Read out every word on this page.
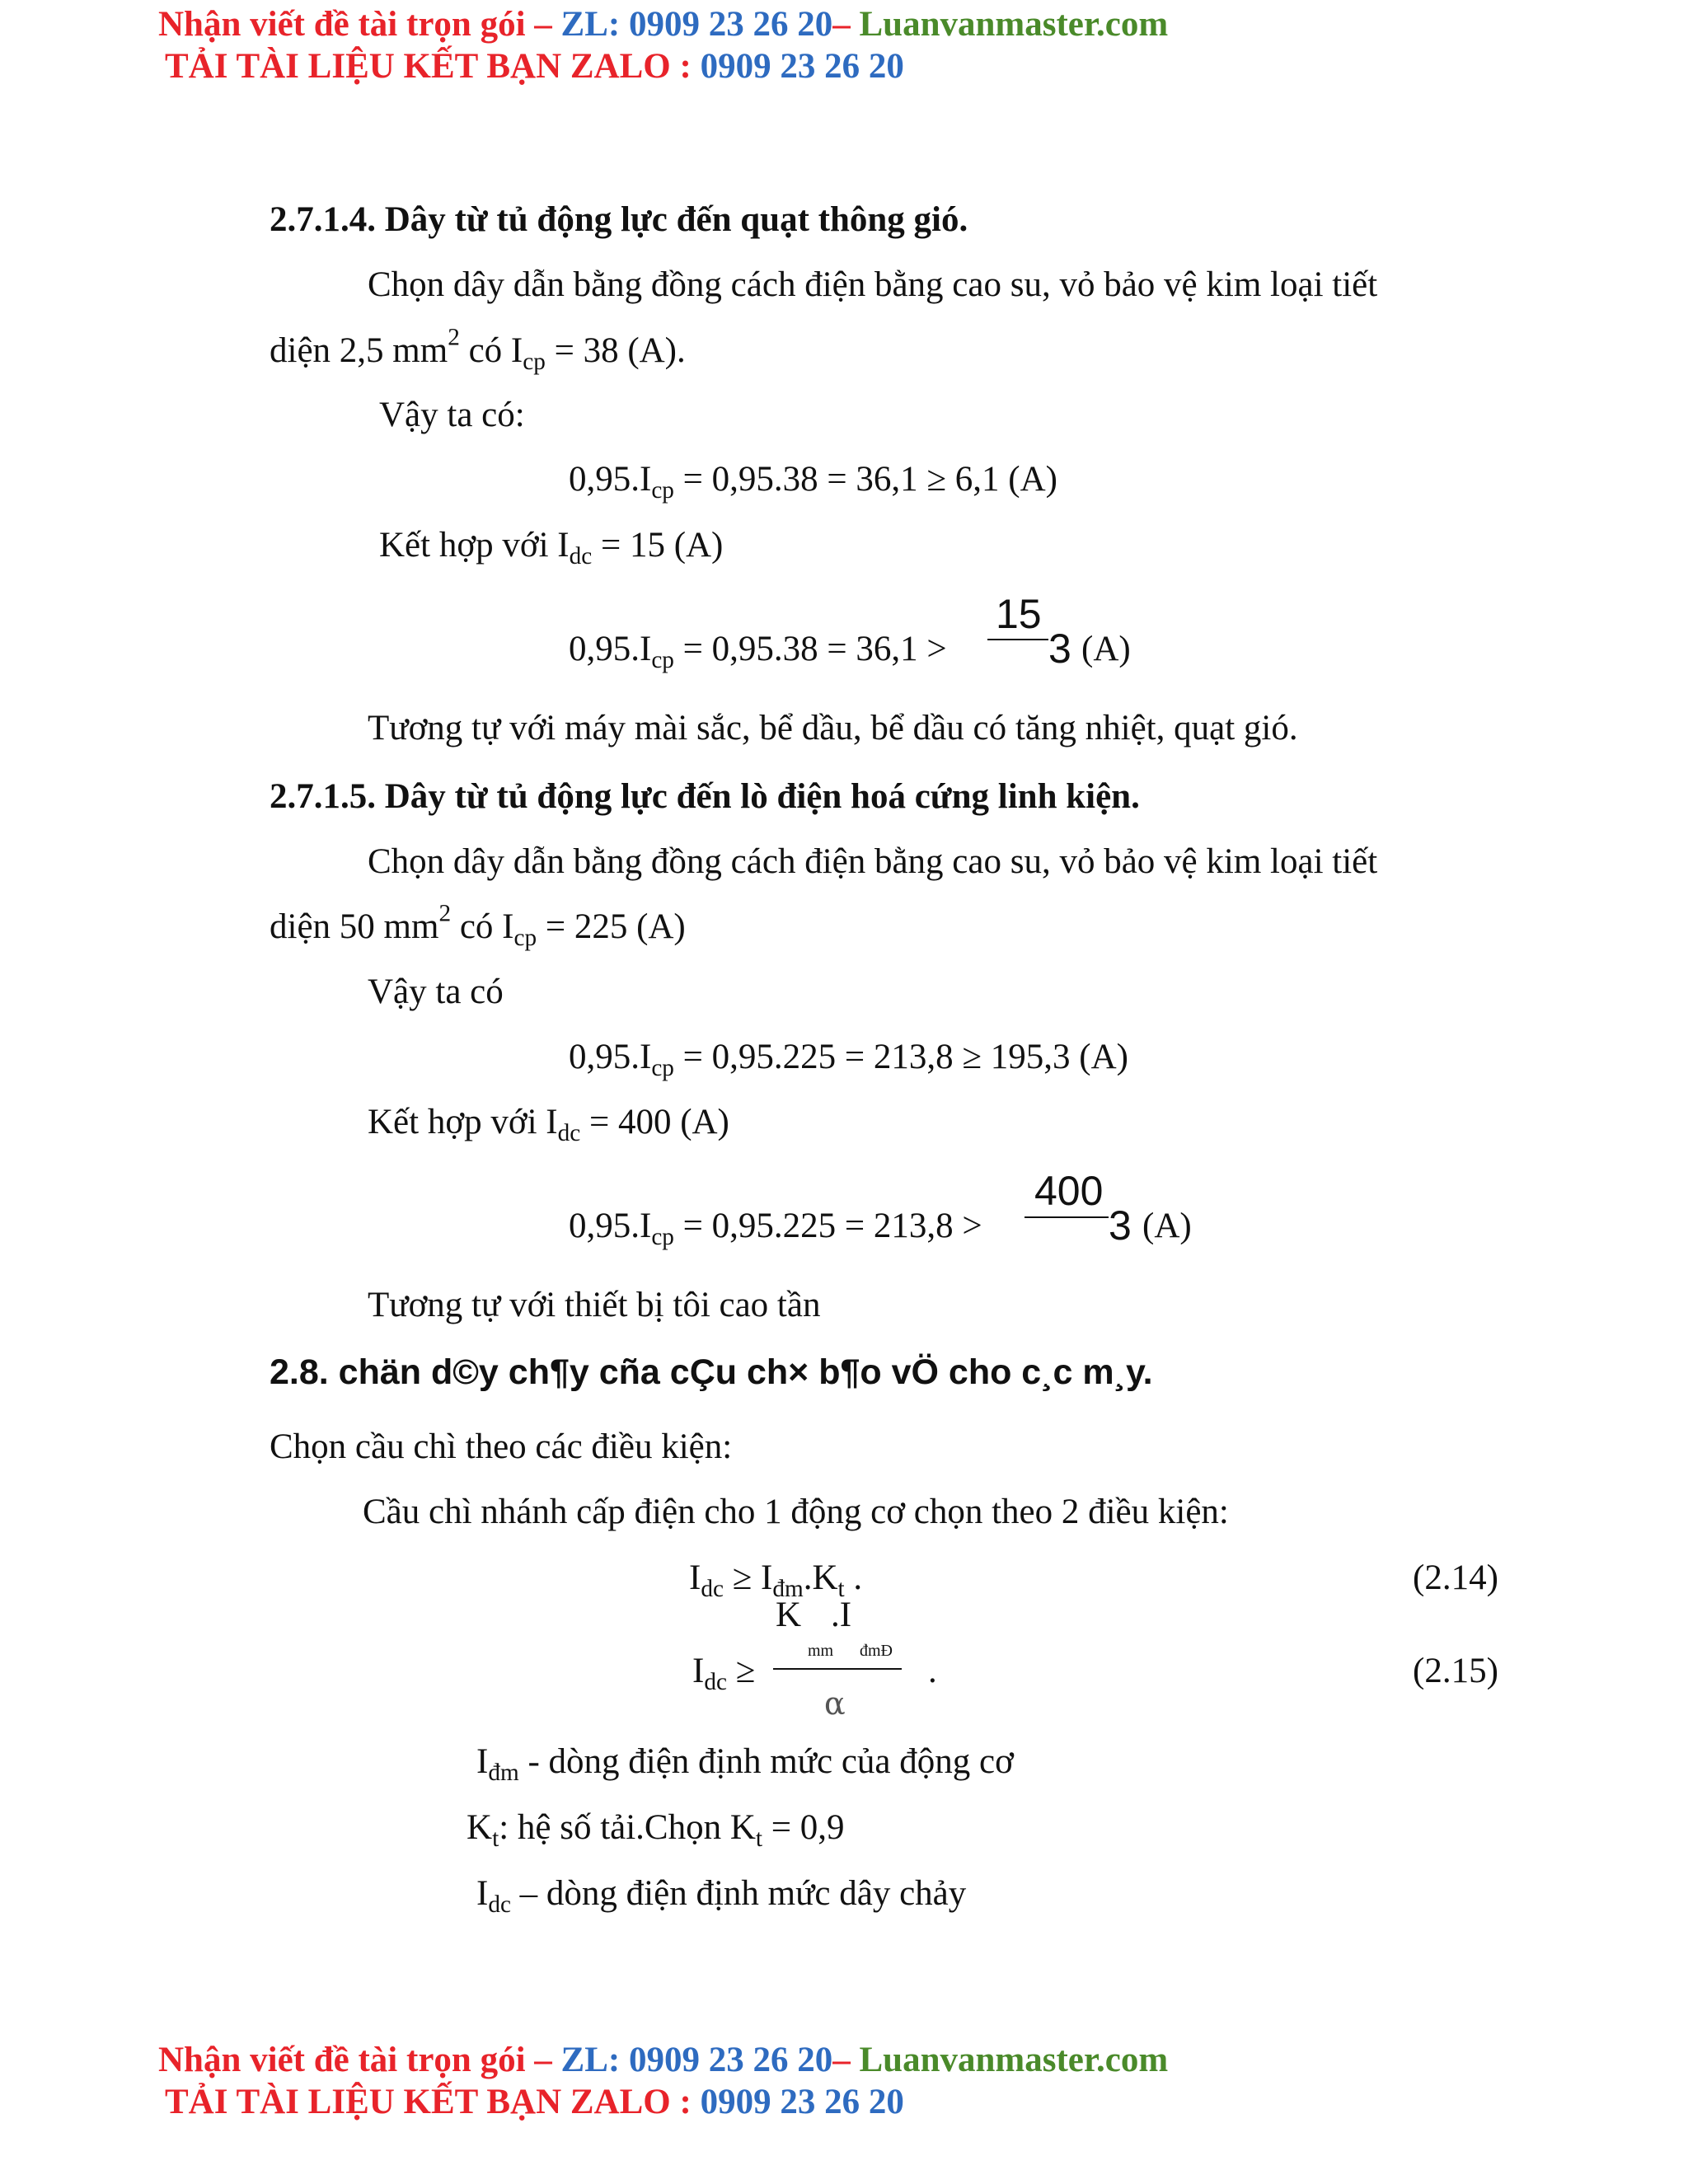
Nhận viết đề tài trọn gói – ZL: 0909 23 26 20– Luanvanmaster.com
TẢI TÀI LIỆU KẾT BẠN ZALO : 0909 23 26 20
2.7.1.4. Dây từ tủ động lực đến quạt thông gió.
Chọn dây dẫn bằng đồng cách điện bằng cao su, vỏ bảo vệ kim loại tiết
diện 2,5 $mm^2$ có $I_{cp} = 38$ (A).
Vậy ta có:
$0,95.I_{cp} = 0,95.38 = 36,1 \ge 6,1$ (A)
Kết hợp với $I_{dc} = 15$ (A)
$0,95.I_{cp} = 0,95.38 = 36,1$ >
15
3 (A)
Tương tự với máy mài sắc, bể dầu, bể dầu có tăng nhiệt, quạt gió.
2.7.1.5. Dây từ tủ động lực đến lò điện hoá cứng linh kiện.
Chọn dây dẫn bằng đồng cách điện bằng cao su, vỏ bảo vệ kim loại tiết
diện 50 $mm^2$ có $I_{cp} = 225$ (A)
Vậy ta có
$0,95.I_{cp} = 0,95.225 = 213,8 \ge 195,3$ (A)
Kết hợp với $I_{dc} = 400$ (A)
$0,95.I_{cp} = 0,95.225 = 213,8$ >
400
3 (A)
Tương tự với thiết bị tôi cao tần
2.8. chän d©y ch¶y cña cÇu ch× b¶o vÖ cho c¸c m¸y.
Chọn cầu chì theo các điều kiện:
Cầu chì nhánh cấp điện cho 1 động cơ chọn theo 2 điều kiện:
$I_{dc} \ge I_{đm}.K_t$ .	(2.14)
K .I
mm đmĐ
$I_{dc}$ ≥
α
.	(2.15)
$I_{đm}$ - dòng điện định mức của động cơ
$K_t$: hệ số tải.Chọn $K_t = 0,9$
$I_{dc}$ – dòng điện định mức dây chảy
Nhận viết đề tài trọn gói – ZL: 0909 23 26 20– Luanvanmaster.com
TẢI TÀI LIỆU KẾT BẠN ZALO : 0909 23 26 20
